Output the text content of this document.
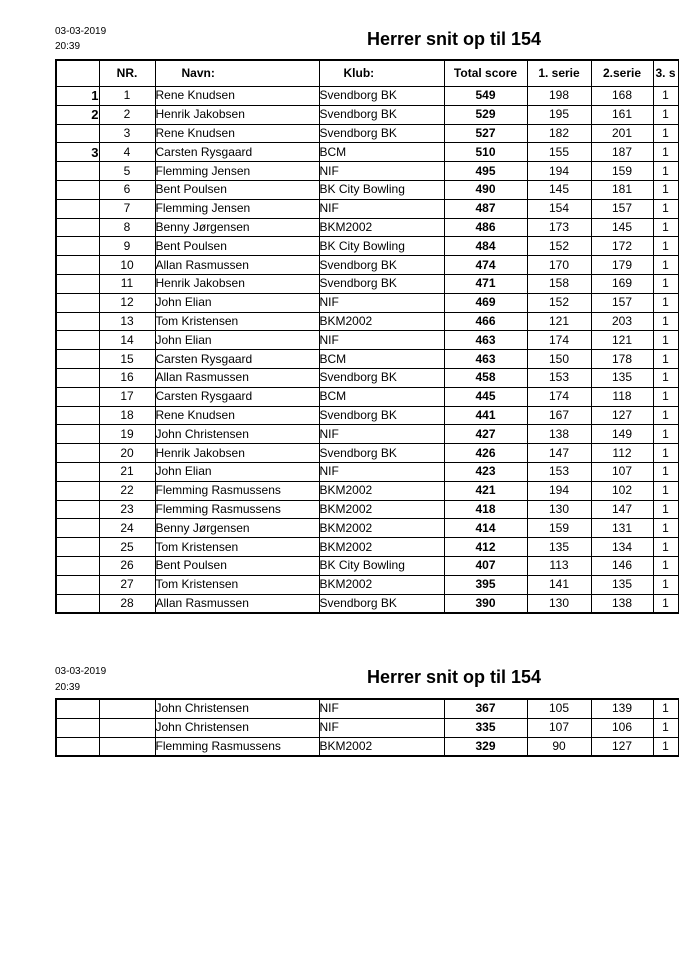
03-03-2019
20:39	Herrer snit op til 154
	NR.	Navn:	Klub:	Total score	1. serie	2.serie	3. s
1	1	Rene Knudsen	Svendborg BK	549	198	168	1
2	2	Henrik Jakobsen	Svendborg BK	529	195	161	1
	3	Rene Knudsen	Svendborg BK	527	182	201	1
3	4	Carsten Rysgaard	BCM	510	155	187	1
	5	Flemming Jensen	NIF	495	194	159	1
	6	Bent Poulsen	BK City Bowling	490	145	181	1
	7	Flemming Jensen	NIF	487	154	157	1
	8	Benny Jørgensen	BKM2002	486	173	145	1
	9	Bent Poulsen	BK City Bowling	484	152	172	1
	10	Allan Rasmussen	Svendborg BK	474	170	179	1
	11	Henrik Jakobsen	Svendborg BK	471	158	169	1
	12	John Elian	NIF	469	152	157	1
	13	Tom Kristensen	BKM2002	466	121	203	1
	14	John Elian	NIF	463	174	121	1
	15	Carsten Rysgaard	BCM	463	150	178	1
	16	Allan Rasmussen	Svendborg BK	458	153	135	1
	17	Carsten Rysgaard	BCM	445	174	118	1
	18	Rene Knudsen	Svendborg BK	441	167	127	1
	19	John Christensen	NIF	427	138	149	1
	20	Henrik Jakobsen	Svendborg BK	426	147	112	1
	21	John Elian	NIF	423	153	107	1
	22	Flemming Rasmussens	BKM2002	421	194	102	1
	23	Flemming Rasmussens	BKM2002	418	130	147	1
	24	Benny Jørgensen	BKM2002	414	159	131	1
	25	Tom Kristensen	BKM2002	412	135	134	1
	26	Bent Poulsen	BK City Bowling	407	113	146	1
	27	Tom Kristensen	BKM2002	395	141	135	1
	28	Allan Rasmussen	Svendborg BK	390	130	138	1
03-03-2019
20:39
Herrer snit op til 154
		John Christensen	NIF	367	105	139	1
		John Christensen	NIF	335	107	106	1
		Flemming Rasmussens	BKM2002	329	90	127	1
